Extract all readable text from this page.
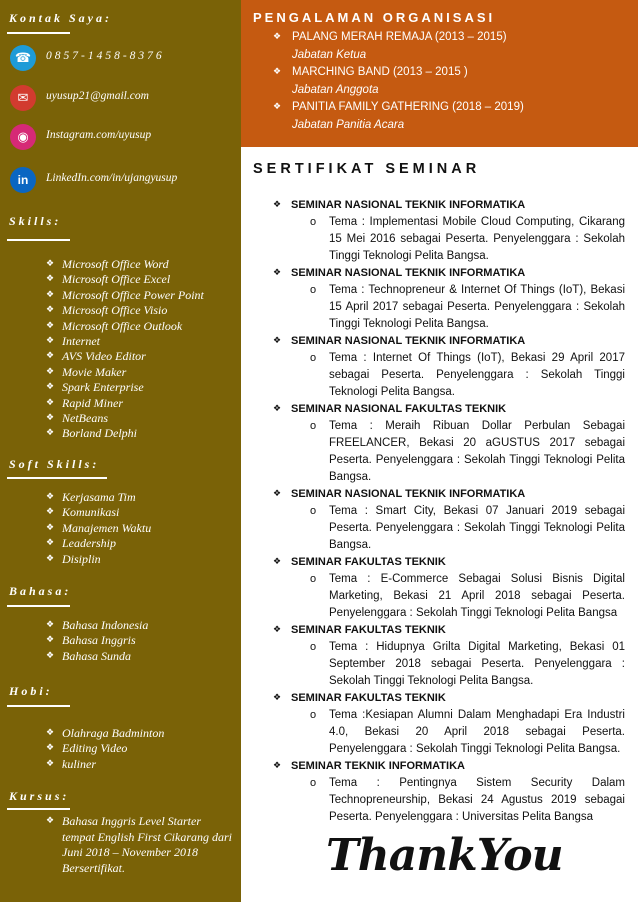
Kontak Saya:
☎	0857-1458-8376
✉	uyusup21@gmail.com
◉	Instagram.com/uyusup
in	LinkedIn.com/in/ujangyusup
Skills:
❖ Microsoft Office Word
❖ Microsoft Office Excel
❖ Microsoft Office Power Point
❖ Microsoft Office Visio
❖ Microsoft Office Outlook
❖ Internet
❖ AVS Video Editor
❖ Movie Maker
❖ Spark Enterprise
❖ Rapid Miner
❖ NetBeans
❖ Borland Delphi
Soft Skills:
❖ Kerjasama Tim
❖ Komunikasi
❖ Manajemen Waktu
❖ Leadership
❖ Disiplin
Bahasa:
❖ Bahasa Indonesia
❖ Bahasa Inggris
❖ Bahasa Sunda
Hobi:
❖ Olahraga Badminton
❖ Editing Video
❖ kuliner
Kursus:
❖ Bahasa Inggris Level Starter tempat English First Cikarang dari Juni 2018 – November 2018 Bersertifikat.
PENGALAMAN ORGANISASI
❖ PALANG MERAH REMAJA (2013 – 2015)
Jabatan Ketua
❖ MARCHING BAND (2013 – 2015 )
Jabatan Anggota
❖ PANITIA FAMILY GATHERING (2018 – 2019)
Jabatan Panitia Acara
SERTIFIKAT SEMINAR
❖ SEMINAR NASIONAL TEKNIK INFORMATIKA
o Tema : Implementasi Mobile Cloud Computing, Cikarang 15 Mei 2016 sebagai Peserta. Penyelenggara : Sekolah Tinggi Teknologi Pelita Bangsa.
❖ SEMINAR NASIONAL TEKNIK INFORMATIKA
o Tema : Technopreneur & Internet Of Things (IoT), Bekasi 15 April 2017 sebagai Peserta. Penyelenggara : Sekolah Tinggi Teknologi Pelita Bangsa.
❖ SEMINAR NASIONAL TEKNIK INFORMATIKA
o Tema : Internet Of Things (IoT), Bekasi 29 April 2017 sebagai Peserta. Penyelenggara : Sekolah Tinggi Teknologi Pelita Bangsa.
❖ SEMINAR NASIONAL FAKULTAS TEKNIK
o Tema : Meraih Ribuan Dollar Perbulan Sebagai FREELANCER, Bekasi 20 aGUSTUS 2017 sebagai Peserta. Penyelenggara : Sekolah Tinggi Teknologi Pelita Bangsa.
❖ SEMINAR NASIONAL TEKNIK INFORMATIKA
o Tema : Smart City, Bekasi 07 Januari 2019 sebagai Peserta. Penyelenggara : Sekolah Tinggi Teknologi Pelita Bangsa.
❖ SEMINAR FAKULTAS TEKNIK
o Tema : E-Commerce Sebagai Solusi Bisnis Digital Marketing, Bekasi 21 April 2018 sebagai Peserta. Penyelenggara : Sekolah Tinggi Teknologi Pelita Bangsa
❖ SEMINAR FAKULTAS TEKNIK
o Tema : Hidupnya Grilta Digital Marketing, Bekasi 01 September 2018 sebagai Peserta. Penyelenggara : Sekolah Tinggi Teknologi Pelita Bangsa.
❖ SEMINAR FAKULTAS TEKNIK
o Tema :Kesiapan Alumni Dalam Menghadapi Era Industri 4.0, Bekasi 20 April 2018 sebagai Peserta. Penyelenggara : Sekolah Tinggi Teknologi Pelita Bangsa.
❖ SEMINAR TEKNIK INFORMATIKA
o Tema : Pentingnya Sistem Security Dalam Technopreneurship, Bekasi 24 Agustus 2019 sebagai Peserta. Penyelenggara : Universitas Pelita Bangsa

ThankYou
